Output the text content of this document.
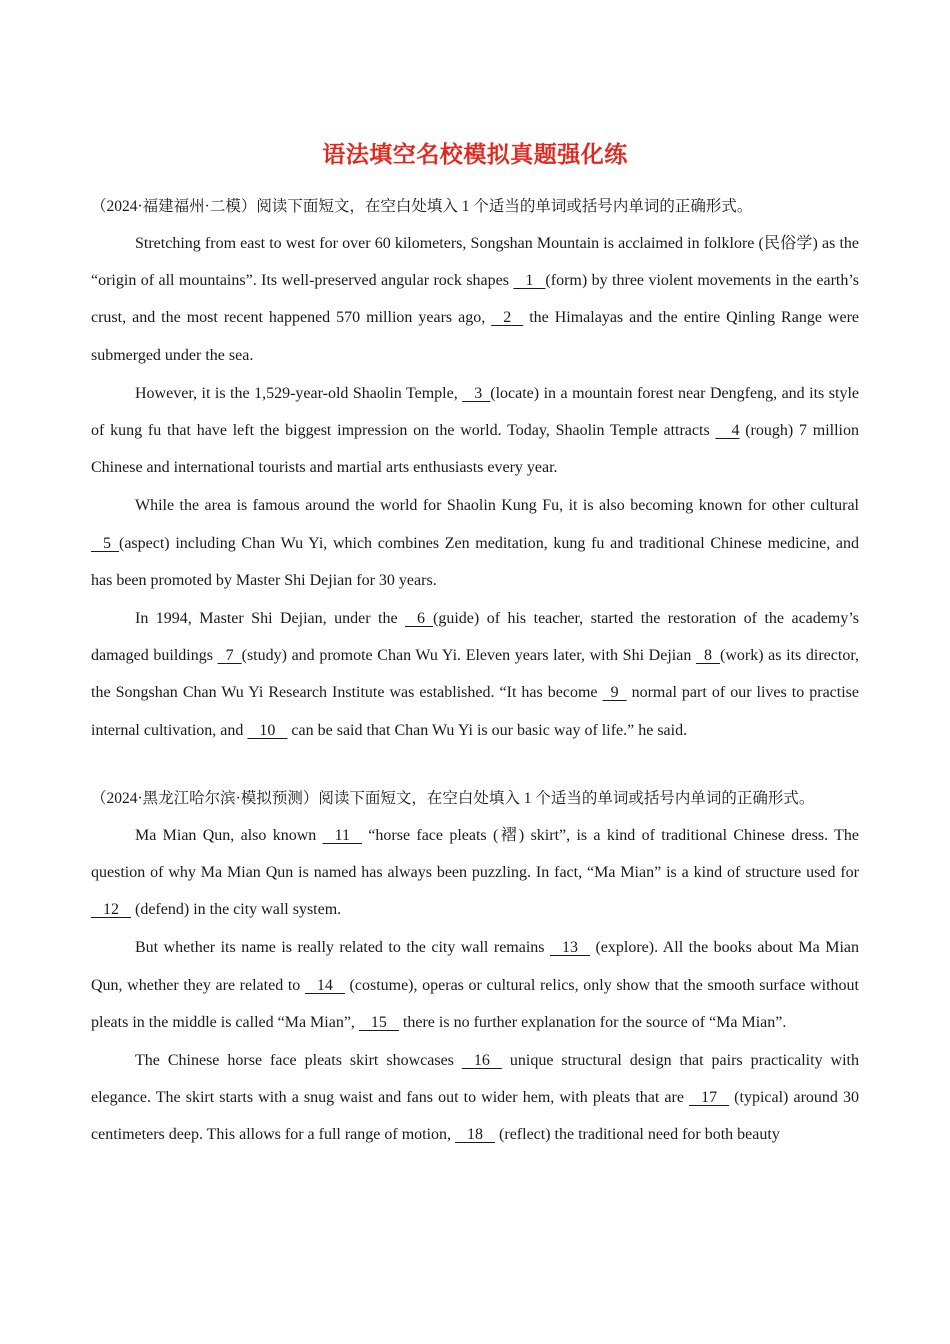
语法填空名校模拟真题强化练
（2024·福建福州·二模）阅读下面短文，在空白处填入 1 个适当的单词或括号内单词的正确形式。

Stretching from east to west for over 60 kilometers, Songshan Mountain is acclaimed in folklore (民俗学) as the “origin of all mountains”. Its well-preserved angular rock shapes    1 (form) by three violent movements in the earth’s crust, and the most recent happened 570 million years ago,    2    the Himalayas and the entire Qinling Range were submerged under the sea.

However, it is the 1,529-year-old Shaolin Temple,    3 (locate) in a mountain forest near Dengfeng, and its style of kung fu that have left the biggest impression on the world. Today, Shaolin Temple attracts     4 (rough) 7 million Chinese and international tourists and martial arts enthusiasts every year.

While the area is famous around the world for Shaolin Kung Fu, it is also becoming known for other cultural    5 (aspect) including Chan Wu Yi, which combines Zen meditation, kung fu and traditional Chinese medicine, and has been promoted by Master Shi Dejian for 30 years.

In 1994, Master Shi Dejian, under the    6 (guide) of his teacher, started the restoration of the academy’s damaged buildings   7 (study) and promote Chan Wu Yi. Eleven years later, with Shi Dejian   8 (work) as its director, the Songshan Chan Wu Yi Research Institute was established. “It has become   9   normal part of our lives to practise internal cultivation, and    10    can be said that Chan Wu Yi is our basic way of life.” he said.

（2024·黑龙江哈尔滨·模拟预测）阅读下面短文，在空白处填入 1 个适当的单词或括号内单词的正确形式。

Ma Mian Qun, also known    11    “horse face pleats (褶) skirt”, is a kind of traditional Chinese dress. The question of why Ma Mian Qun is named has always been puzzling. In fact, “Ma Mian” is a kind of structure used for    12    (defend) in the city wall system.

But whether its name is really related to the city wall remains    13    (explore). All the books about Ma Mian Qun, whether they are related to    14    (costume), operas or cultural relics, only show that the smooth surface without pleats in the middle is called “Ma Mian”,    15    there is no further explanation for the source of “Ma Mian”.

The Chinese horse face pleats skirt showcases    16    unique structural design that pairs practicality with elegance. The skirt starts with a snug waist and fans out to wider hem, with pleats that are    17    (typical) around 30 centimeters deep. This allows for a full range of motion,    18    (reflect) the traditional need for both beauty
